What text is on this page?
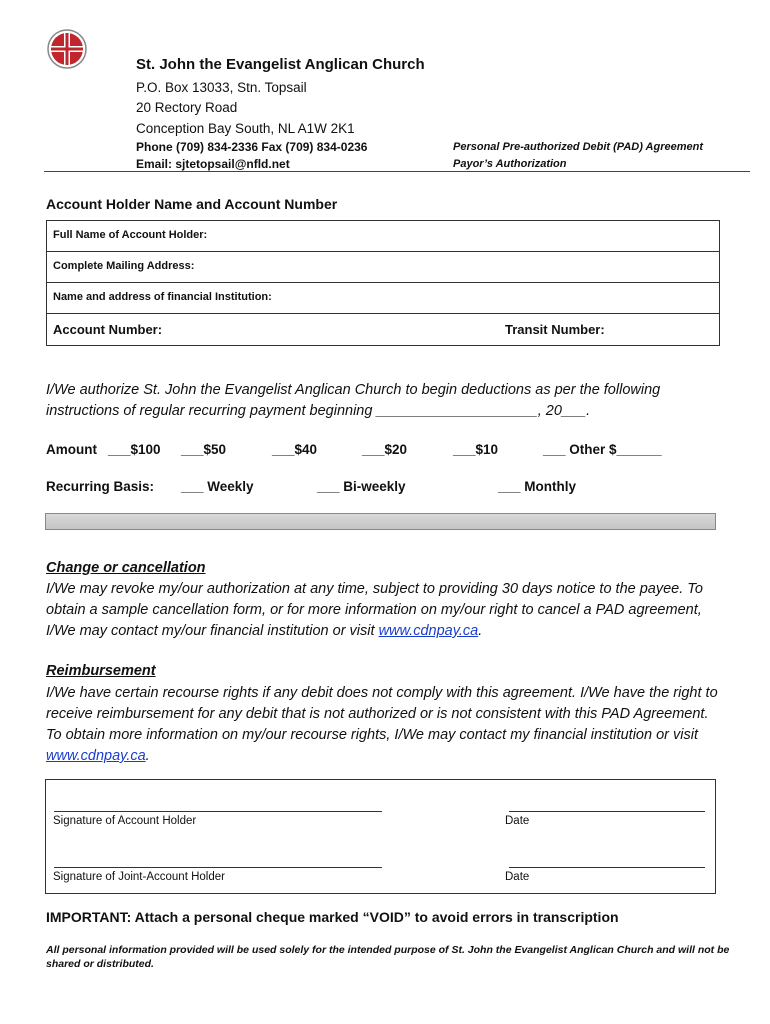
St. John the Evangelist Anglican Church
P.O. Box 13033, Stn. Topsail
20 Rectory Road
Conception Bay South, NL A1W 2K1
Phone (709) 834-2336 Fax (709) 834-0236
Email: sjtetopsail@nfld.net
Personal Pre-authorized Debit (PAD) Agreement
Payor’s Authorization
Account Holder Name and Account Number
Full Name of Account Holder:
Complete Mailing Address:
Name and address of financial Institution:
Account Number:	Transit Number:
I/We authorize St. John the Evangelist Anglican Church to begin deductions as per the following
instructions of regular recurring payment beginning ____________________, 20___.
Amount ___$100 ___$50	___$40	___$20	___$10	___ Other $______
Recurring Basis: ___ Weekly	___ Bi-weekly	___ Monthly
Change or cancellation
I/We may revoke my/our authorization at any time, subject to providing 30 days notice to the payee. To obtain a sample cancellation form, or for more information on my/our right to cancel a PAD agreement, I/We may contact my/our financial institution or visit www.cdnpay.ca.
Reimbursement
I/We have certain recourse rights if any debit does not comply with this agreement. I/We have the right to receive reimbursement for any debit that is not authorized or is not consistent with this PAD Agreement. To obtain more information on my/our recourse rights, I/We may contact my financial institution or visit www.cdnpay.ca.
Signature of Account Holder	Date
Signature of Joint-Account Holder	Date
IMPORTANT: Attach a personal cheque marked “VOID” to avoid errors in transcription
All personal information provided will be used solely for the intended purpose of St. John the Evangelist Anglican Church and will not be shared or distributed.
